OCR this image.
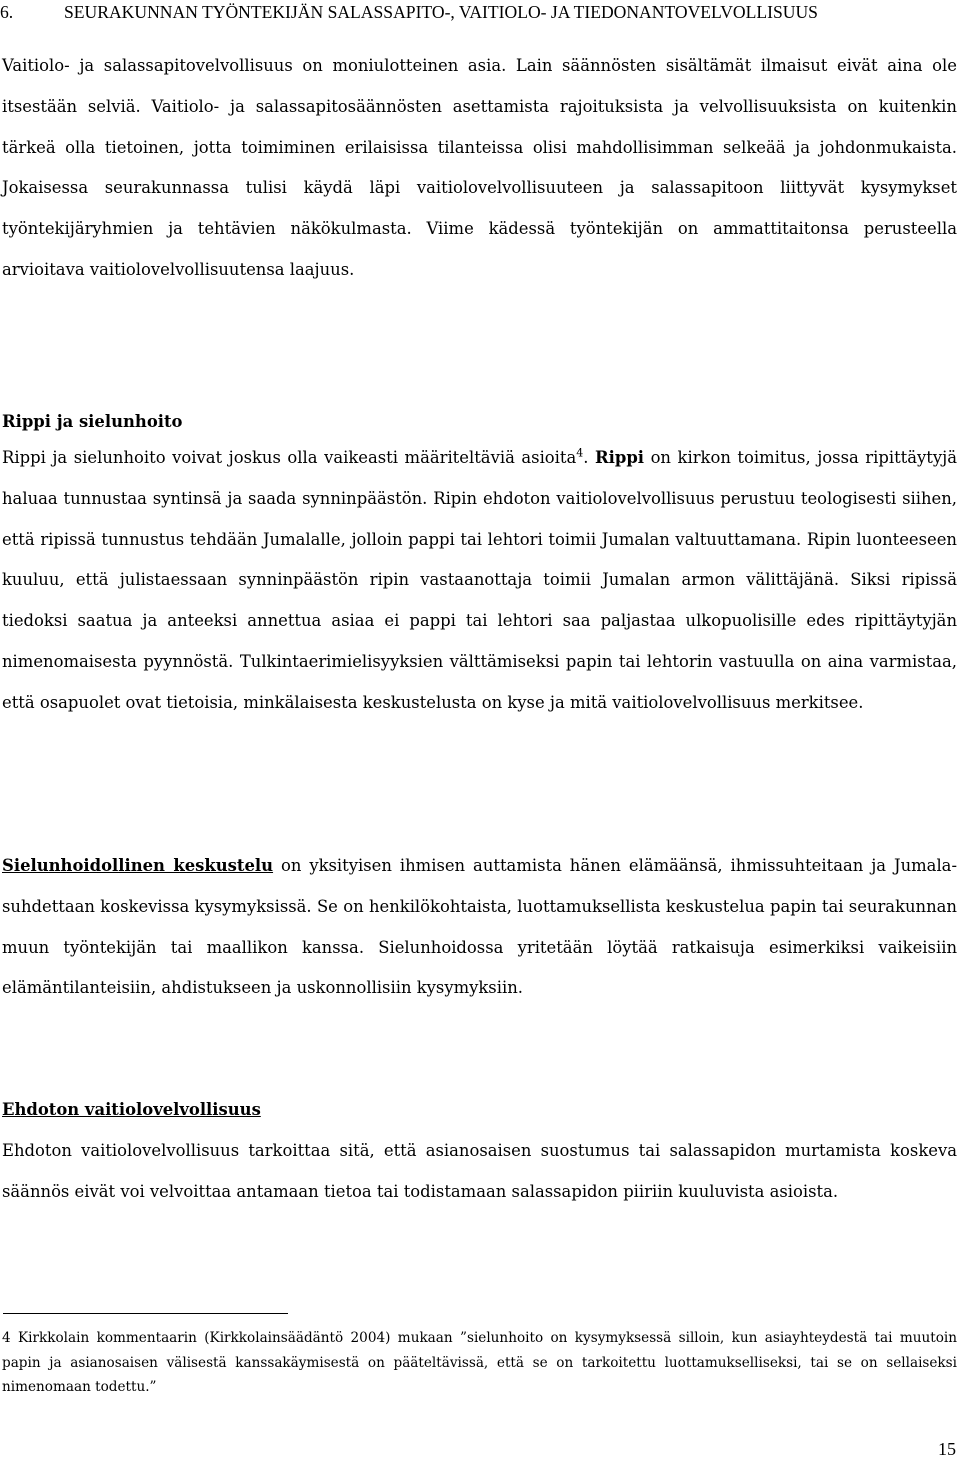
6.	SEURAKUNNAN TYÖNTEKIJÄN SALASSAPITO-, VAITIOLO- JA TIEDONANTOVELVOLLISUUS

Vaitiolo- ja salassapitovelvollisuus on moniulotteinen asia. Lain säännösten sisältämät ilmaisut eivät aina ole itsestään selviä. Vaitiolo- ja salassapitosäännösten asettamista rajoituksista ja velvollisuuksista on kuitenkin tärkeä olla tietoinen, jotta toimiminen erilaisissa tilanteissa olisi mahdollisimman selkeää ja johdonmukaista. Jokaisessa seurakunnassa tulisi käydä läpi vaitiolovelvollisuuteen ja salassapitoon liittyvät kysymykset työntekijäryhmien ja tehtävien näkökulmasta. Viime kädessä työntekijän on ammattitaitonsa perusteella arvioitava vaitiolovelvollisuutensa laajuus.

Rippi ja sielunhoito

Rippi ja sielunhoito voivat joskus olla vaikeasti määriteltäviä asioita$^4$. Rippi on kirkon toimitus, jossa ripittäytyjä haluaa tunnustaa syntinsä ja saada synninpäästön. Ripin ehdoton vaitiolovelvollisuus perustuu teologisesti siihen, että ripissä tunnustus tehdään Jumalalle, jolloin pappi tai lehtori toimii Jumalan valtuuttamana. Ripin luonteeseen kuuluu, että julistaessaan synninpäästön ripin vastaanottaja toimii Jumalan armon välittäjänä. Siksi ripissä tiedoksi saatua ja anteeksi annettua asiaa ei pappi tai lehtori saa paljastaa ulkopuolisille edes ripittäytyjän nimenomaisesta pyynnöstä. Tulkintaerimielisyyksien välttämiseksi papin tai lehtorin vastuulla on aina varmistaa, että osapuolet ovat tietoisia, minkälaisesta keskustelusta on kyse ja mitä vaitiolovelvollisuus merkitsee.

Sielunhoidollinen keskustelu on yksityisen ihmisen auttamista hänen elämäänsä, ihmissuhteitaan ja Jumala-suhdettaan koskevissa kysymyksissä. Se on henkilökohtaista, luottamuksellista keskustelua papin tai seurakunnan muun työntekijän tai maallikon kanssa. Sielunhoidossa yritetään löytää ratkaisuja esimerkiksi vaikeisiin elämäntilanteisiin, ahdistukseen ja uskonnollisiin kysymyksiin.

Ehdoton vaitiolovelvollisuus

Ehdoton vaitiolovelvollisuus tarkoittaa sitä, että asianosaisen suostumus tai salassapidon murtamista koskeva säännös eivät voi velvoittaa antamaan tietoa tai todistamaan salassapidon piiriin kuuluvista asioista.

4 Kirkkolain kommentaarin (Kirkkolainsäädäntö 2004) mukaan ”sielunhoito on kysymyksessä silloin, kun asiayhteydestä tai muutoin papin ja asianosaisen välisestä kanssakäymisestä on pääteltävissä, että se on tarkoitettu luottamukselliseksi, tai se on sellaiseksi nimenomaan todettu.”

15
